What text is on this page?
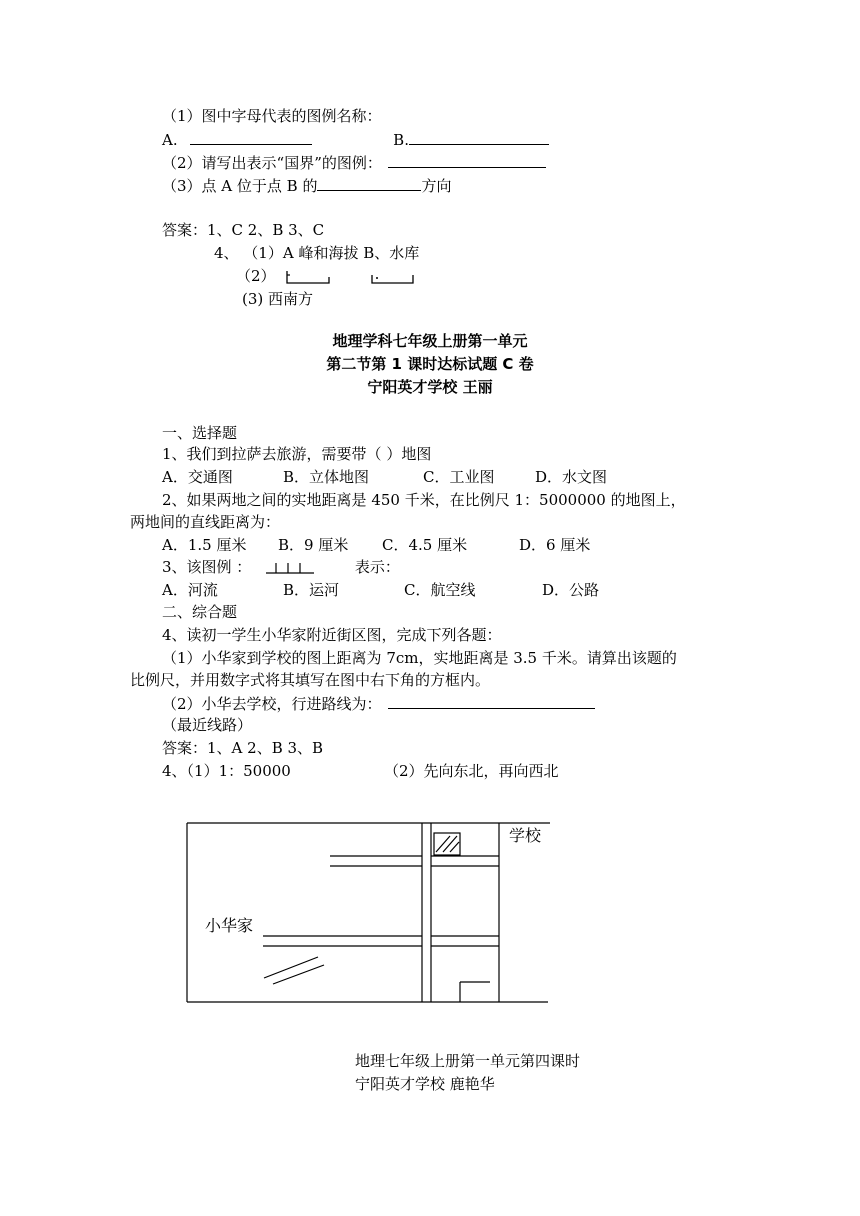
（1）图中字母代表的图例名称：
A.	B.
（2）请写出表示“国界”的图例：
（3）点 A 位于点 B 的	方向
答案：1、C 2、B 3、C
4、 （1）A 峰和海拔 B、水库
（2）
(3) 西南方
地理学科七年级上册第一单元
第二节第 1 课时达标试题 C 卷
宁阳英才学校 王丽
一、选择题
1、我们到拉萨去旅游，需要带（ ）地图
A．交通图	B．立体地图	C．工业图	D．水文图
2、如果两地之间的实地距离是 450 千米，在比例尺 1：5000000 的地图上，
两地间的直线距离为：
A．1.5 厘米 B．9 厘米 C．4.5 厘米	D．6 厘米
3、该图例 ：	表示：
A．河流	B．运河	C．航空线	D．公路
二、综合题
4、读初一学生小华家附近街区图，完成下列各题：
（1）小华家到学校的图上距离为 7cm，实地距离是 3.5 千米。请算出该题的
比例尺，并用数字式将其填写在图中右下角的方框内。
（2）小华去学校，行进路线为：
（最近线路）
答案：1、A 2、B 3、B
4、（1）1：50000	（2）先向东北，再向西北
学校
小华家
地理七年级上册第一单元第四课时
宁阳英才学校 鹿艳华
